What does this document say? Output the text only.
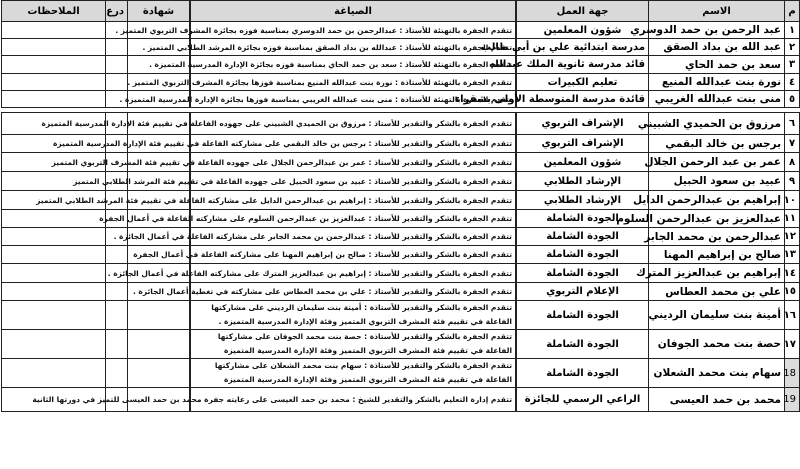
م	الاسم	جهة العمل		الصياغة		شهادة	درع	الملاحظات
١	عبد الرحمن بن حمد الدوسري	شؤون المعلمين		تتقدم الجفرة بالتهنئة للأستاذ : عبدالرحمن بن حمد الدوسري بمناسبة فوزه بجائزة المشرف التربوي المتميز .				
٢	عبد الله بن بداد الصقق	مدرسة ابتدائية علي بن أبي طالب		تتقدم الجفرة بالتهنئة للأستاذ : عبدالله بن بداد الصقق بمناسبة فوزه بجائزة المرشد الطلابي المتميز .				
٣	سعد بن حمد الحاي	قائد مدرسة ثانوية الملك عبدالله		تتقدم الجفرة بالتهنئة للأستاذ : سعد بن حمد الحاي بمناسبة فوزه بجائزة الإدارة المدرسية المتميزة .				
٤	نورة بنت عبدالله المنيع	تعليم الكبيرات		تتقدم الجفرة بالتهنئة للأستاذة : نورة بنت عبدالله المنيع بمناسبة فوزها بجائزة المشرف التربوي المتميز .				
٥	منى بنت عبدالله الغريبي	قائدة مدرسة المتوسطة الأولى بشقراء		تتقدم الجفرة بالتهنئة للأستاذة : منى بنت عبدالله الغريبي بمناسبة فوزها بجائزة الإدارة المدرسية المتميزة .				

٦	مرزوق بن الحميدي الشبيني	الإشراف التربوي		تتقدم الجفرة بالشكر والتقدير للأستاذ : مرزوق بن الحميدي الشبيني على جهوده الفاعلة في تقييم فئة الإدارة المدرسية المتميزة				
٧	برجس بن خالد البقمي	الإشراف التربوي		تتقدم الجفرة بالشكر والتقدير للأستاذ : برجس بن خالد البقمي على مشاركته الفاعلة في تقييم فئة الإدارة المدرسية المتميزة				
٨	عمر بن عبد الرحمن الجلال	شؤون المعلمين		تتقدم الجفرة بالشكر والتقدير للأستاذ : عمر بن عبدالرحمن الجلال على جهوده الفاعلة في تقييم فئة المشرف التربوي المتميز				
٩	عبيد بن سعود الحبيل	الإرشاد الطلابي		تتقدم الجفرة بالشكر والتقدير للأستاذ : عبيد بن سعود الحبيل على جهوده الفاعلة في تقييم فئة المرشد الطلابي المتميز				
١٠	إبراهيم بن عبدالرحمن الدايل	الإرشاد الطلابي		تتقدم الجفرة بالشكر والتقدير للأستاذ : إبراهيم بن عبدالرحمن الدايل على مشاركته الفاعلة في تقييم فئة المرشد الطلابي المتميز				
١١	عبدالعزيز بن عبدالرحمن السلوم	الجودة الشاملة		تتقدم الجفرة بالشكر والتقدير للأستاذ : عبدالعزيز بن عبدالرحمن السلوم على مشاركته الفاعلة في أعمال الجفرة				
١٢	عبدالرحمن بن محمد الجابر	الجودة الشاملة		تتقدم الجفرة بالشكر والتقدير للأستاذ : عبدالرحمن بن محمد الجابر على مشاركته الفاعلة في أعمال الجائزة .				
١٣	صالح بن إبراهيم المهنا	الجودة الشاملة		تتقدم الجفرة بالشكر والتقدير للأستاذ : صالح بن إبراهيم المهنا على مشاركته الفاعلة في أعمال الجفرة				
١٤	إبراهيم بن عبدالعزيز المترك	الجودة الشاملة		تتقدم الجفرة بالشكر والتقدير للأستاذ : إبراهيم بن عبدالعزيز المترك على مشاركته الفاعلة في أعمال الجائزة .				
١٥	علي بن محمد العطاس	الإعلام التربوي		تتقدم الجفرة بالشكر والتقدير للأستاذ : علي بن محمد العطاس على مشاركته في تغطية أعمال الجائزة .				
١٦	أمينة بنت سليمان الرديني	الجودة الشاملة		تتقدم الجفرة بالشكر والتقدير للأستاذة : أمينة بنت سليمان الرديني على مشاركتها الفاعلة في تقييم فئة المشرف التربوي المتميز وفئة الإدارة المدرسية المتميزة .				
١٧	حصة بنت محمد الجوفان	الجودة الشاملة		تتقدم الجفرة بالشكر والتقدير للأستاذة : حصة بنت محمد الجوفان على مشاركتها الفاعلة في تقييم فئة المشرف التربوي المتميز وفئة الإدارة المدرسية المتميزة				
18	سهام بنت محمد الشعلان	الجودة الشاملة		تتقدم الجفرة بالشكر والتقدير للأستاذة : سهام بنت محمد الشعلان على مشاركتها الفاعلة في تقييم فئة المشرف التربوي المتميز وفئة الإدارة المدرسية المتميزة				
19	محمد بن حمد العيسى	الراعي الرسمي للجائزة		تتقدم إدارة التعليم بالشكر والتقدير للشيخ : محمد بن حمد العيسى على رعايته جفرة محمد بن حمد العيسى للتميز في دورتها الثانية				
